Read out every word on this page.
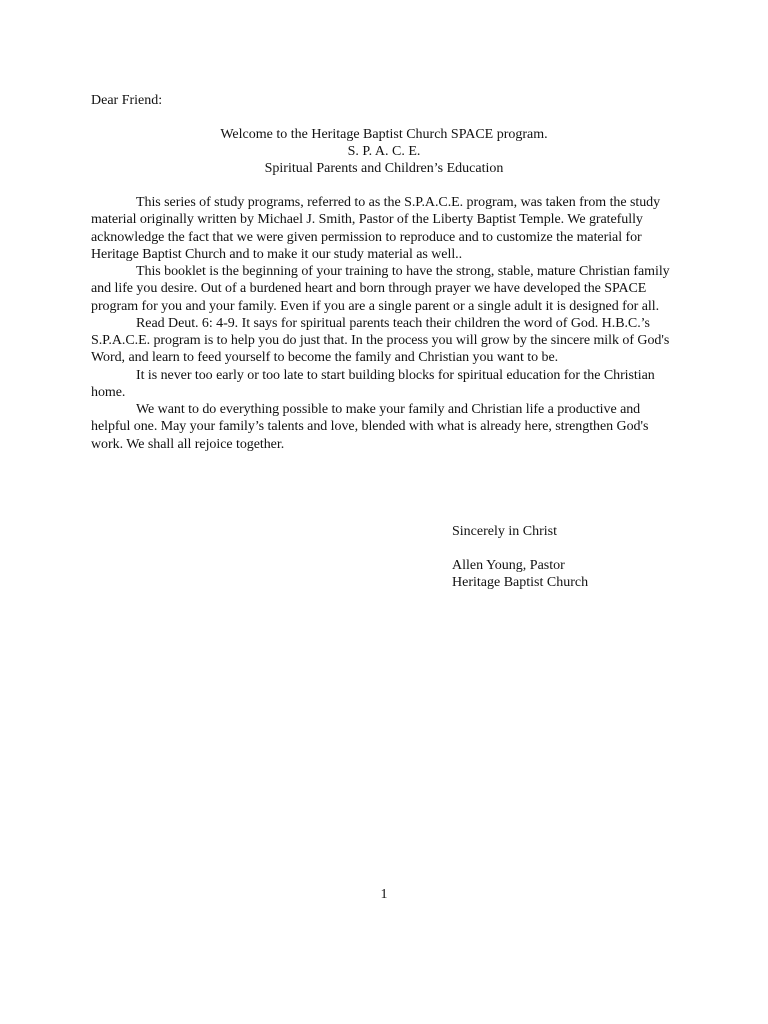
Dear Friend:
Welcome to the Heritage Baptist Church SPACE program.
S. P. A. C. E.
Spiritual Parents and Children’s Education

This series of study programs, referred to as the S.P.A.C.E. program, was taken from the study material originally written by Michael J. Smith, Pastor of the Liberty Baptist Temple. We gratefully acknowledge the fact that we were given permission to reproduce and to customize the material for Heritage Baptist Church and to make it our study material as well..

This booklet is the beginning of your training to have the strong, stable, mature Christian family and life you desire. Out of a burdened heart and born through prayer we have developed the SPACE program for you and your family. Even if you are a single parent or a single adult it is designed for all.

Read Deut. 6: 4-9. It says for spiritual parents teach their children the word of God. H.B.C.’s S.P.A.C.E. program is to help you do just that. In the process you will grow by the sincere milk of God's Word, and learn to feed yourself to become the family and Christian you want to be.

It is never too early or too late to start building blocks for spiritual education for the Christian home.

We want to do everything possible to make your family and Christian life a productive and helpful one. May your family’s talents and love, blended with what is already here, strengthen God's work. We shall all rejoice together.

Sincerely in Christ
Allen Young, Pastor
Heritage Baptist Church
1
